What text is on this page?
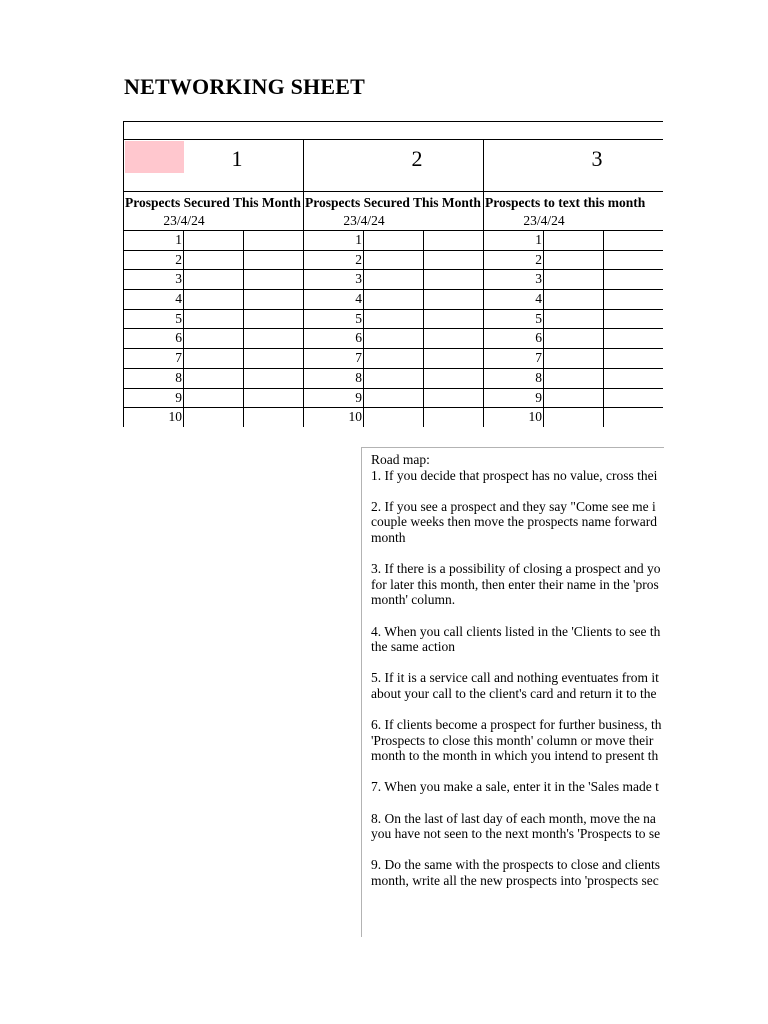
NETWORKING SHEET
1
Prospects Secured This Month
23/4/24
1
2
3
4
5
6
7
8
9
10
2
Prospects Secured This Month
23/4/24
1
2
3
4
5
6
7
8
9
10
3
Prospects to text this month
23/4/24
1
2
3
4
5
6
7
8
9
10
Road map:
1. If you decide that prospect has no value, cross thei
2. If you see a prospect and they say "Come see me i
couple weeks then move the prospects name forward
month
3. If there is a possibility of closing a prospect and yo
for later this month, then enter their name in the 'pros
month' column.
4. When you call clients listed in the 'Clients to see th
the same action
5. If it is a service call and nothing eventuates from it
about your call to the client's card and return it to the
6. If clients become a prospect for further business, th
'Prospects to close this month' column or move their
month to the month in which you intend to present th
7. When you make a sale, enter it in the 'Sales made t
8. On the last of last day of each month, move the na
you have not seen to the next month's 'Prospects to se
9. Do the same with the prospects to close and clients
month, write all the new prospects into 'prospects sec
